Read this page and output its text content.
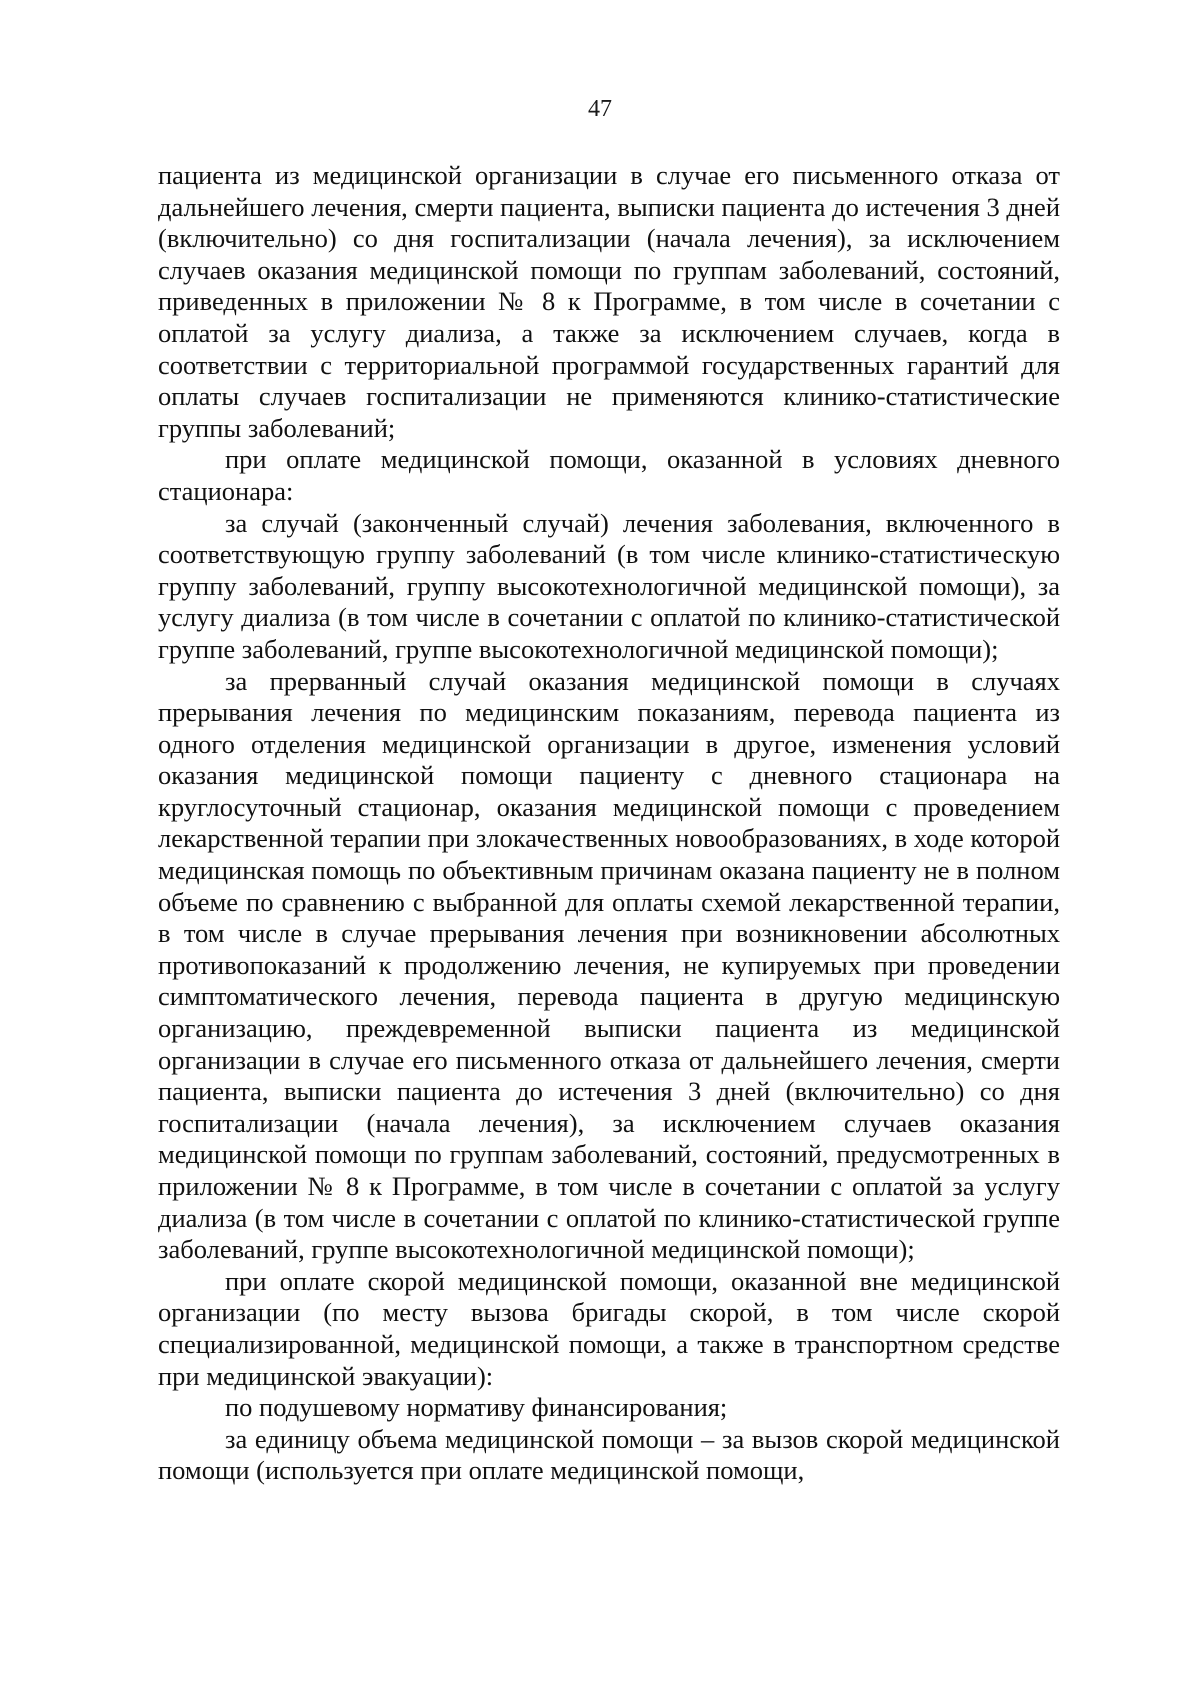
47

пациента из медицинской организации в случае его письменного отказа от дальнейшего лечения, смерти пациента, выписки пациента до истечения 3 дней (включительно) со дня госпитализации (начала лечения), за исключением случаев оказания медицинской помощи по группам заболеваний, состояний, приведенных в приложении № 8 к Программе, в том числе в сочетании с оплатой за услугу диализа, а также за исключением случаев, когда в соответствии с территориальной программой государственных гарантий для оплаты случаев госпитализации не применяются клинико-статистические группы заболеваний;

при оплате медицинской помощи, оказанной в условиях дневного стационара:

за случай (законченный случай) лечения заболевания, включенного в соответствующую группу заболеваний (в том числе клинико-статистическую группу заболеваний, группу высокотехнологичной медицинской помощи), за услугу диализа (в том числе в сочетании с оплатой по клинико-статистической группе заболеваний, группе высокотехнологичной медицинской помощи);

за прерванный случай оказания медицинской помощи в случаях прерывания лечения по медицинским показаниям, перевода пациента из одного отделения медицинской организации в другое, изменения условий оказания медицинской помощи пациенту с дневного стационара на круглосуточный стационар, оказания медицинской помощи с проведением лекарственной терапии при злокачественных новообразованиях, в ходе которой медицинская помощь по объективным причинам оказана пациенту не в полном объеме по сравнению с выбранной для оплаты схемой лекарственной терапии, в том числе в случае прерывания лечения при возникновении абсолютных противопоказаний к продолжению лечения, не купируемых при проведении симптоматического лечения, перевода пациента в другую медицинскую организацию, преждевременной выписки пациента из медицинской организации в случае его письменного отказа от дальнейшего лечения, смерти пациента, выписки пациента до истечения 3 дней (включительно) со дня госпитализации (начала лечения), за исключением случаев оказания медицинской помощи по группам заболеваний, состояний, предусмотренных в приложении № 8 к Программе, в том числе в сочетании с оплатой за услугу диализа (в том числе в сочетании с оплатой по клинико-статистической группе заболеваний, группе высокотехнологичной медицинской помощи);

при оплате скорой медицинской помощи, оказанной вне медицинской организации (по месту вызова бригады скорой, в том числе скорой специализированной, медицинской помощи, а также в транспортном средстве при медицинской эвакуации):

по подушевому нормативу финансирования;

за единицу объема медицинской помощи – за вызов скорой медицинской помощи (используется при оплате медицинской помощи,
